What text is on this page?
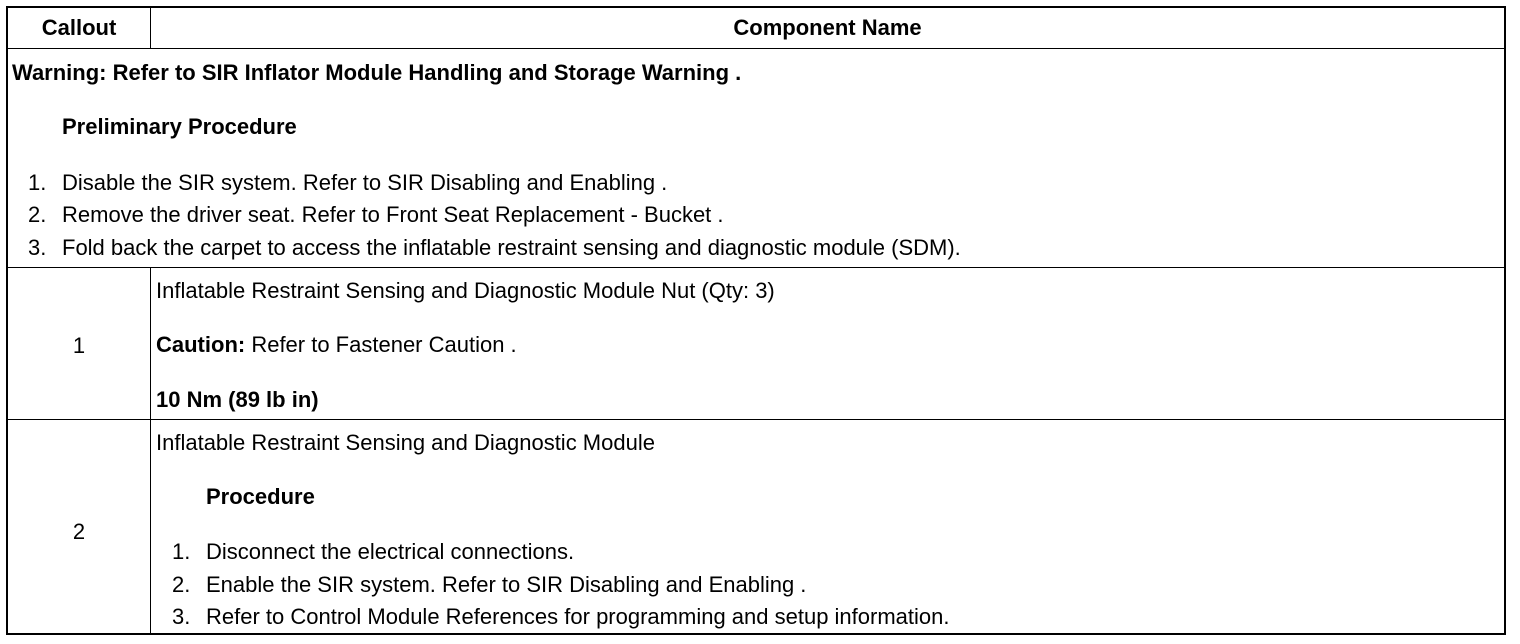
Callout	Component Name
Warning: Refer to SIR Inflator Module Handling and Storage Warning .
Preliminary Procedure
1. Disable the SIR system. Refer to SIR Disabling and Enabling .
2. Remove the driver seat. Refer to Front Seat Replacement - Bucket .
3. Fold back the carpet to access the inflatable restraint sensing and diagnostic module (SDM).
1
Inflatable Restraint Sensing and Diagnostic Module Nut (Qty: 3)
Caution: Refer to Fastener Caution .
10 Nm (89 lb in)
2
Inflatable Restraint Sensing and Diagnostic Module
Procedure
1. Disconnect the electrical connections.
2. Enable the SIR system. Refer to SIR Disabling and Enabling .
3. Refer to Control Module References for programming and setup information.
